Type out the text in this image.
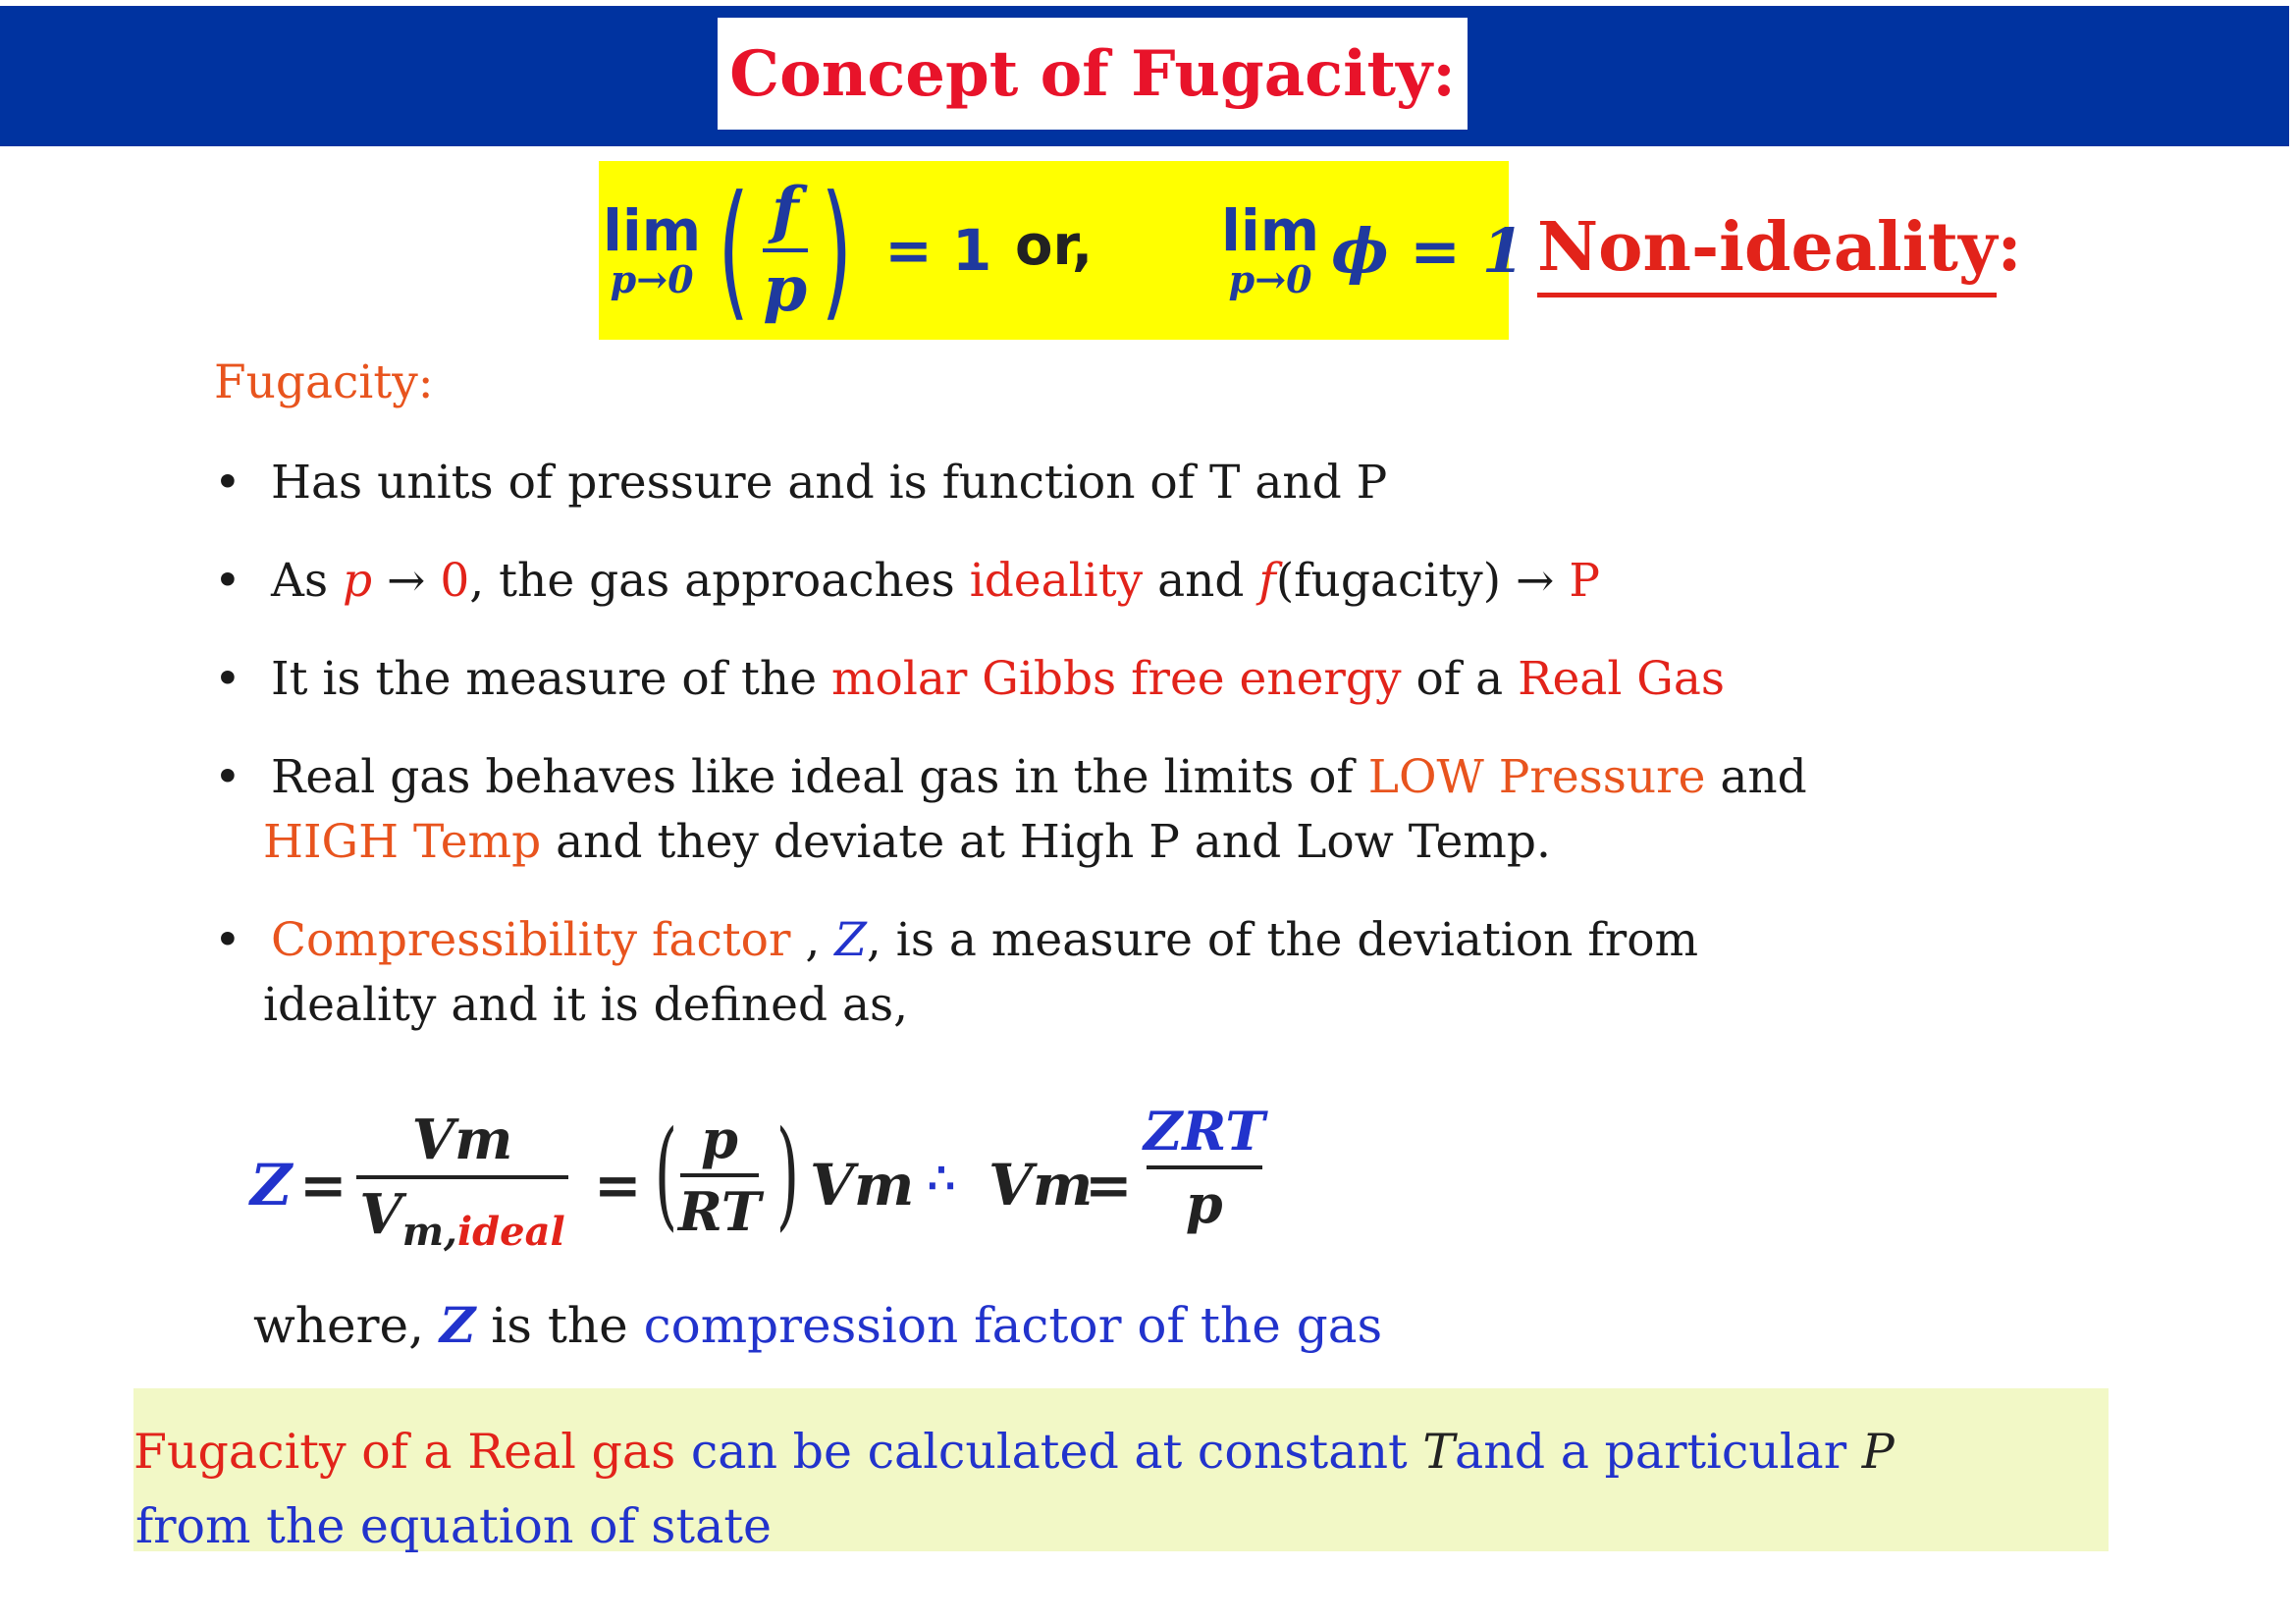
Concept of Fugacity:
lim
p→0 ( $\frac{f}{p}$ ) = 1 or, lim
p→0 ϕ = 1 Non-ideality:
Fugacity:
• Has units of pressure and is function of T and P
• As p → 0, the gas approaches ideality and f(fugacity) → P
• It is the measure of the molar Gibbs free energy of a Real Gas
• Real gas behaves like ideal gas in the limits of LOW Pressure and
HIGH Temp and they deviate at High P and Low Temp.
• Compressibility factor , Z, is a measure of the deviation from
ideality and it is defined as,
Z =
Vm
$V_{m,ideal}$
= ( p
RT ) Vm ∴ Vm
=
ZRT
p
where, Z is the compression factor of the gas
Fugacity of a Real gas can be calculated at constant Tand a particular P
from the equation of state
